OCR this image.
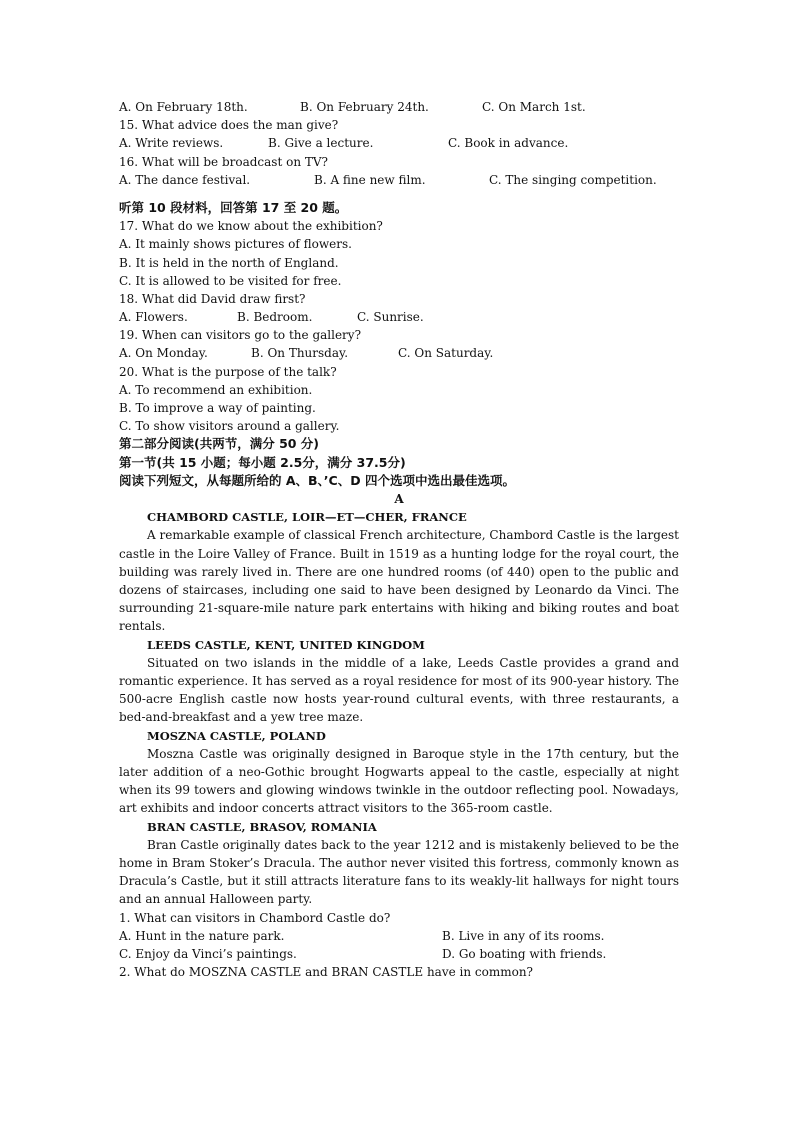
A. On February 18th.	B. On February 24th.	C. On March 1st.
15. What advice does the man give?
A. Write reviews.	B. Give a lecture.	C. Book in advance.
16. What will be broadcast on TV?
A. The dance festival.	B. A fine new film.	C. The singing competition.
听第 10 段材料，回答第 17 至 20 题。
17. What do we know about the exhibition?
A. It mainly shows pictures of flowers.
B. It is held in the north of England.
C. It is allowed to be visited for free.
18. What did David draw first?
A. Flowers.	B. Bedroom.	C. Sunrise.
19. When can visitors go to the gallery?
A. On Monday.	B. On Thursday.	C. On Saturday.
20. What is the purpose of the talk?
A. To recommend an exhibition.
B. To improve a way of painting.
C. To show visitors around a gallery.
第二部分阅读(共两节，满分 50 分)
第一节(共 15 小题；每小题 2.5分，满分 37.5分)
阅读下列短文，从每题所给的 A、B、’C、D 四个选项中选出最佳选项。
A
CHAMBORD CASTLE, LOIR—ET—CHER, FRANCE
A remarkable example of classical French architecture, Chambord Castle is the largest castle in the Loire Valley of France. Built in 1519 as a hunting lodge for the royal court, the building was rarely lived in. There are one hundred rooms (of 440) open to the public and dozens of staircases, including one said to have been designed by Leonardo da Vinci. The surrounding 21-square-mile nature park entertains with hiking and biking routes and boat rentals.
LEEDS CASTLE, KENT, UNITED KINGDOM
Situated on two islands in the middle of a lake, Leeds Castle provides a grand and romantic experience. It has served as a royal residence for most of its 900-year history. The 500-acre English castle now hosts year-round cultural events, with three restaurants, a bed-and-breakfast and a yew tree maze.
MOSZNA CASTLE, POLAND
Moszna Castle was originally designed in Baroque style in the 17th century, but the later addition of a neo-Gothic brought Hogwarts appeal to the castle, especially at night when its 99 towers and glowing windows twinkle in the outdoor reflecting pool. Nowadays, art exhibits and indoor concerts attract visitors to the 365-room castle.
BRAN CASTLE, BRASOV, ROMANIA
Bran Castle originally dates back to the year 1212 and is mistakenly believed to be the home in Bram Stoker’s Dracula. The author never visited this fortress, commonly known as Dracula’s Castle, but it still attracts literature fans to its weakly-lit hallways for night tours and an annual Halloween party.
1. What can visitors in Chambord Castle do?
A. Hunt in the nature park.	B. Live in any of its rooms.
C. Enjoy da Vinci’s paintings.	D. Go boating with friends.
2. What do MOSZNA CASTLE and BRAN CASTLE have in common?
